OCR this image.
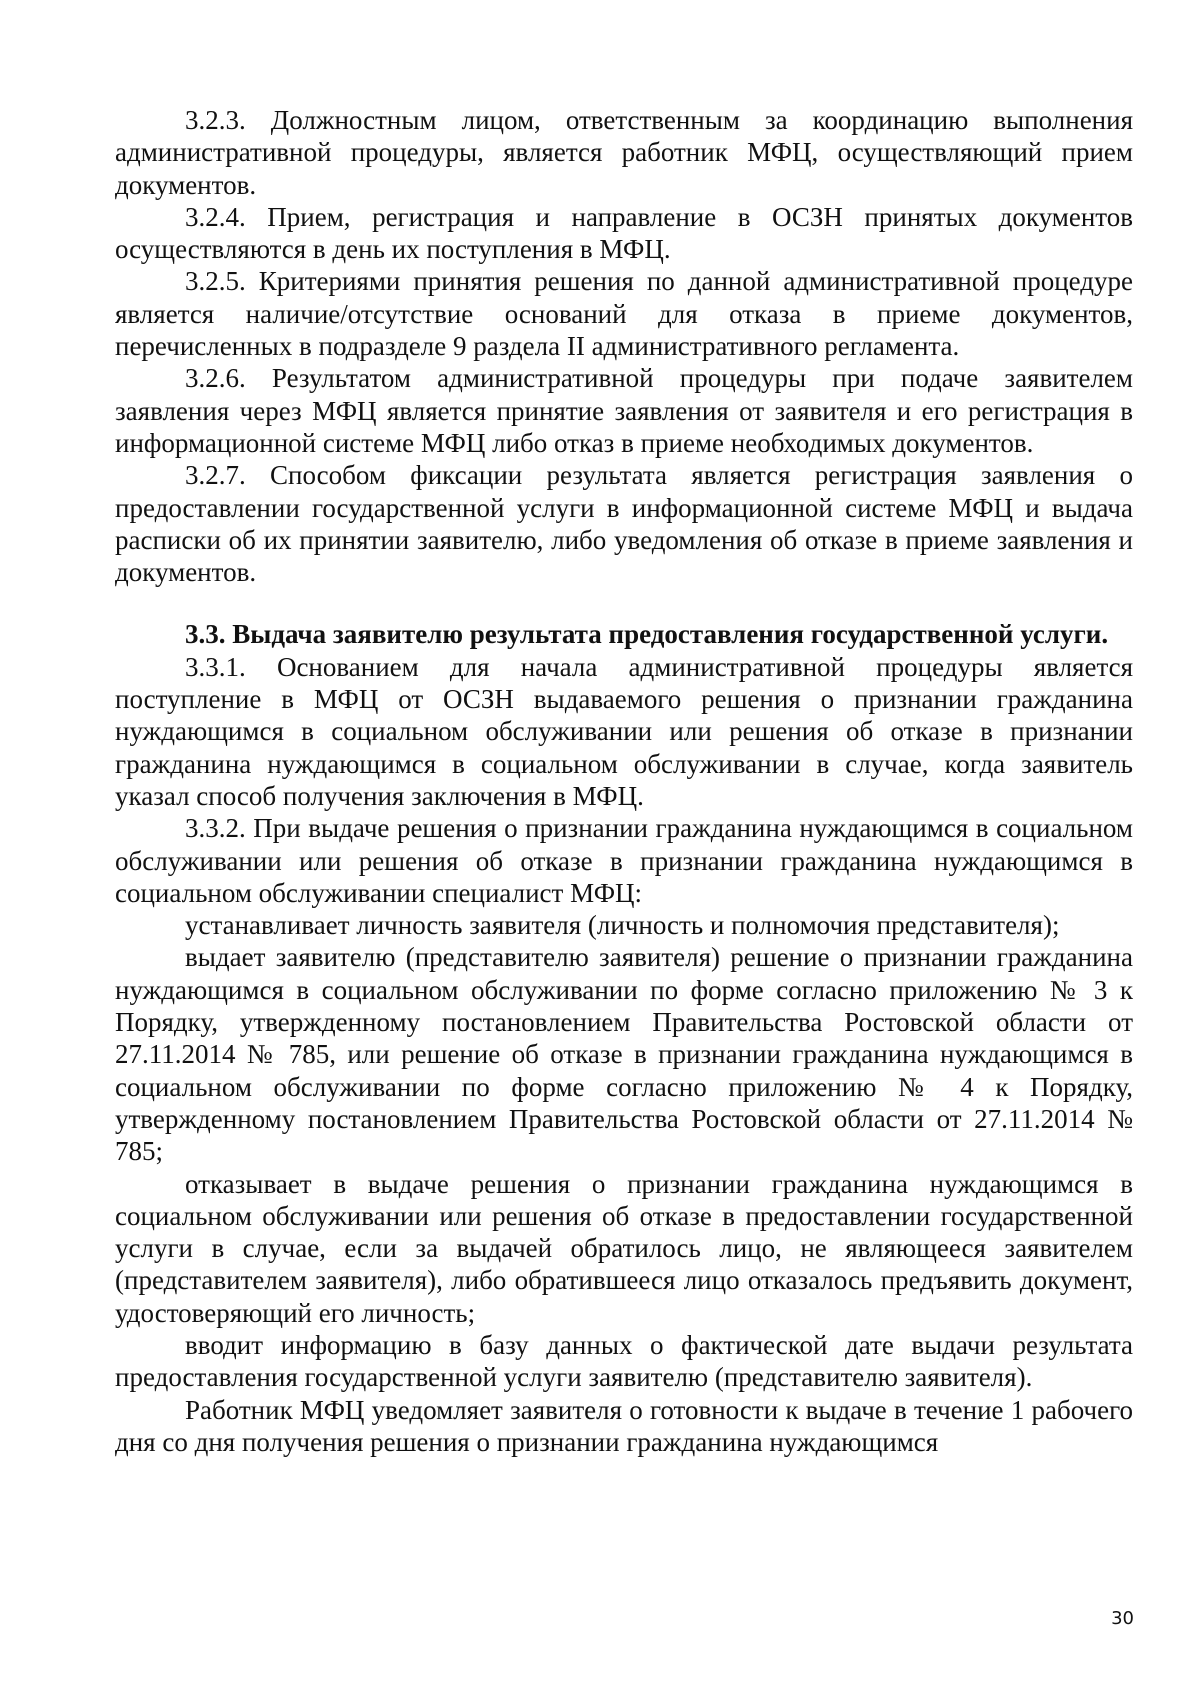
3.2.3. Должностным лицом, ответственным за координацию выполнения административной процедуры, является работник МФЦ, осуществляющий прием документов.

3.2.4. Прием, регистрация и направление в ОСЗН принятых документов осуществляются в день их поступления в МФЦ.

3.2.5. Критериями принятия решения по данной административной процедуре является наличие/отсутствие оснований для отказа в приеме документов, перечисленных в подразделе 9 раздела II административного регламента.

3.2.6. Результатом административной процедуры при подаче заявителем заявления через МФЦ является принятие заявления от заявителя и его регистрация в информационной системе МФЦ либо отказ в приеме необходимых документов.

3.2.7. Способом фиксации результата является регистрация заявления о предоставлении государственной услуги в информационной системе МФЦ и выдача расписки об их принятии заявителю, либо уведомления об отказе в приеме заявления и документов.

3.3. Выдача заявителю результата предоставления государственной услуги.

3.3.1. Основанием для начала административной процедуры является поступление в МФЦ от ОСЗН выдаваемого решения о признании гражданина нуждающимся в социальном обслуживании или решения об отказе в признании гражданина нуждающимся в социальном обслуживании в случае, когда заявитель указал способ получения заключения в МФЦ.

3.3.2. При выдаче решения о признании гражданина нуждающимся в социальном обслуживании или решения об отказе в признании гражданина нуждающимся в социальном обслуживании специалист МФЦ:

устанавливает личность заявителя (личность и полномочия представителя);

выдает заявителю (представителю заявителя) решение о признании гражданина нуждающимся в социальном обслуживании по форме согласно приложению № 3 к Порядку, утвержденному постановлением Правительства Ростовской области от 27.11.2014 № 785, или решение об отказе в признании гражданина нуждающимся в социальном обслуживании по форме согласно приложению № 4 к Порядку, утвержденному постановлением Правительства Ростовской области от 27.11.2014 № 785;

отказывает в выдаче решения о признании гражданина нуждающимся в социальном обслуживании или решения об отказе в предоставлении государственной услуги в случае, если за выдачей обратилось лицо, не являющееся заявителем (представителем заявителя), либо обратившееся лицо отказалось предъявить документ, удостоверяющий его личность;

вводит информацию в базу данных о фактической дате выдачи результата предоставления государственной услуги заявителю (представителю заявителя).

Работник МФЦ уведомляет заявителя о готовности к выдаче в течение 1 рабочего дня со дня получения решения о признании гражданина нуждающимся

30
